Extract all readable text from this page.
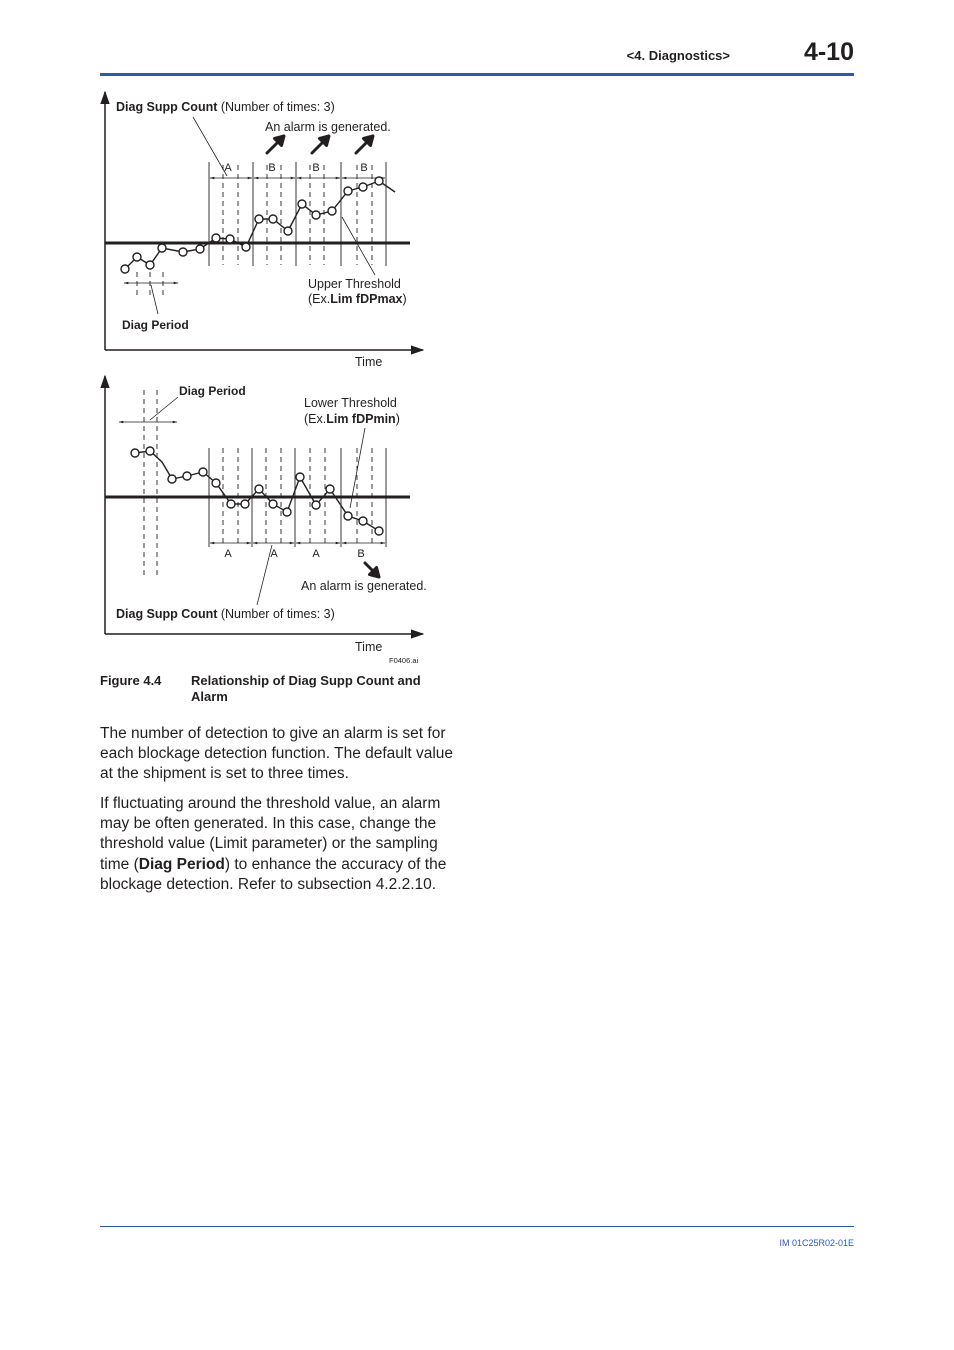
<4. Diagnostics>	4-10
A	B	B	B
Diag Period
Diag Supp Count (Number of times: 3)
An alarm is generated.
Upper Threshold
(Ex.Lim fDPmax)
Time
A	A	A	B
Diag Period
Lower Threshold
(Ex.Lim fDPmin)
An alarm is generated.
Diag Supp Count (Number of times: 3)
Time
F0406.ai
Figure 4.4 Relationship of Diag Supp Count and Alarm

The number of detection to give an alarm is set for each blockage detection function. The default value at the shipment is set to three times.

If fluctuating around the threshold value, an alarm may be often generated. In this case, change the threshold value (Limit parameter) or the sampling time (Diag Period) to enhance the accuracy of the blockage detection. Refer to subsection 4.2.2.10.

IM 01C25R02-01E
